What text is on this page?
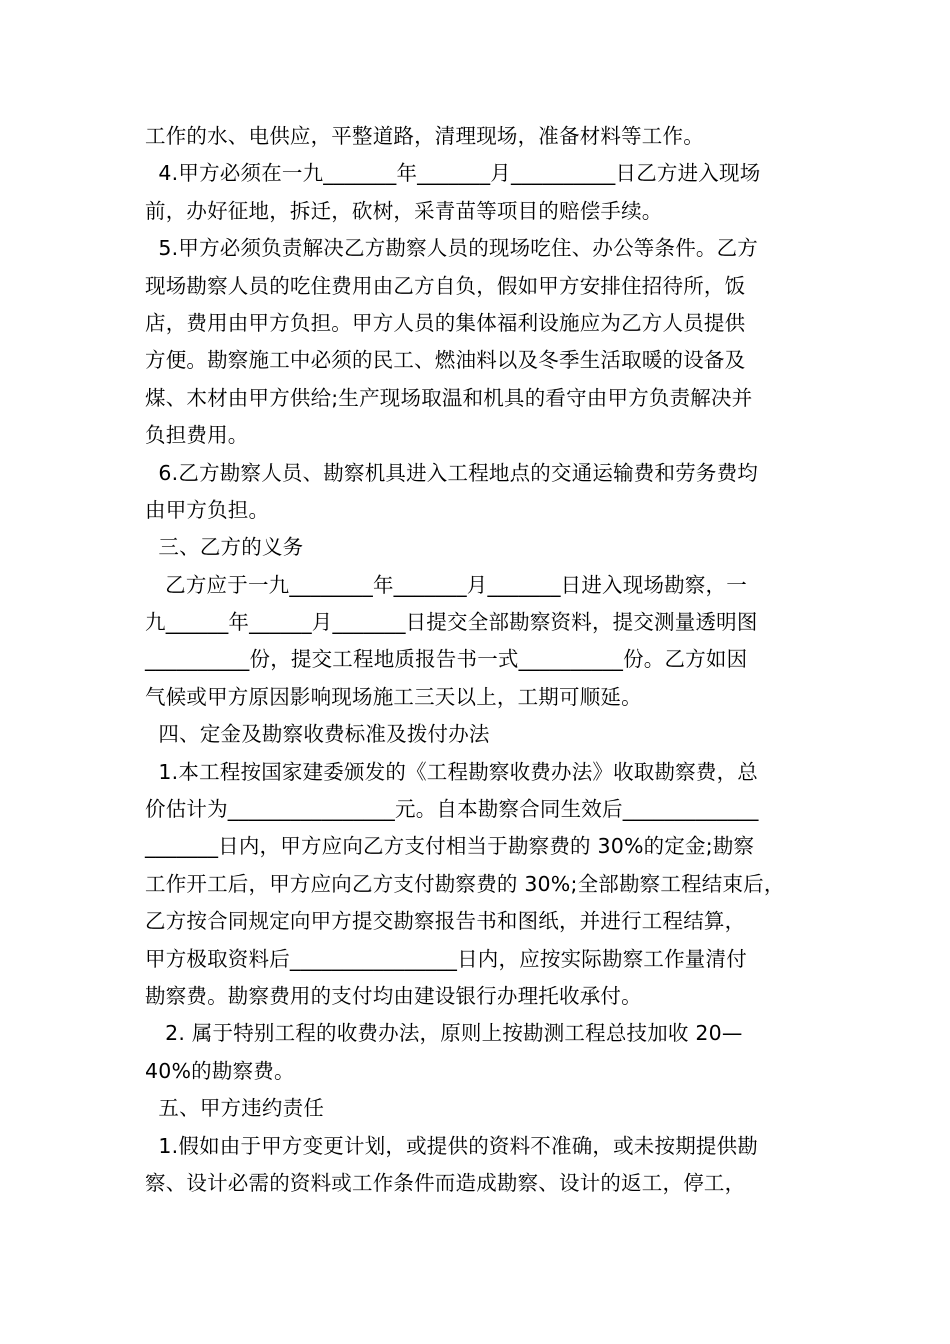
工作的水、电供应，平整道路，清理现场，准备材料等工作。
4.甲方必须在一九_______年_______月__________日乙方进入现场
前，办好征地，拆迁，砍树，采青苗等项目的赔偿手续。
5.甲方必须负责解决乙方勘察人员的现场吃住、办公等条件。乙方
现场勘察人员的吃住费用由乙方自负，假如甲方安排住招待所，饭
店，费用由甲方负担。甲方人员的集体福利设施应为乙方人员提供
方便。勘察施工中必须的民工、燃油料以及冬季生活取暖的设备及
煤、木材由甲方供给;生产现场取温和机具的看守由甲方负责解决并
负担费用。
6.乙方勘察人员、勘察机具进入工程地点的交通运输费和劳务费均
由甲方负担。
三、乙方的义务
乙方应于一九________年_______月_______日进入现场勘察，一
九______年______月_______日提交全部勘察资料，提交测量透明图
__________份，提交工程地质报告书一式__________份。乙方如因
气候或甲方原因影响现场施工三天以上，工期可顺延。
四、定金及勘察收费标准及拨付办法
1.本工程按国家建委颁发的《工程勘察收费办法》收取勘察费，总
价估计为________________元。自本勘察合同生效后_____________
_______日内，甲方应向乙方支付相当于勘察费的 30%的定金;勘察
工作开工后，甲方应向乙方支付勘察费的 30%;全部勘察工程结束后，
乙方按合同规定向甲方提交勘察报告书和图纸，并进行工程结算，
甲方极取资料后________________日内，应按实际勘察工作量清付
勘察费。勘察费用的支付均由建设银行办理托收承付。
2. 属于特别工程的收费办法，原则上按勘测工程总技加收 20—
40%的勘察费。
五、甲方违约责任
1.假如由于甲方变更计划，或提供的资料不准确，或未按期提供勘
察、设计必需的资料或工作条件而造成勘察、设计的返工，停工，
